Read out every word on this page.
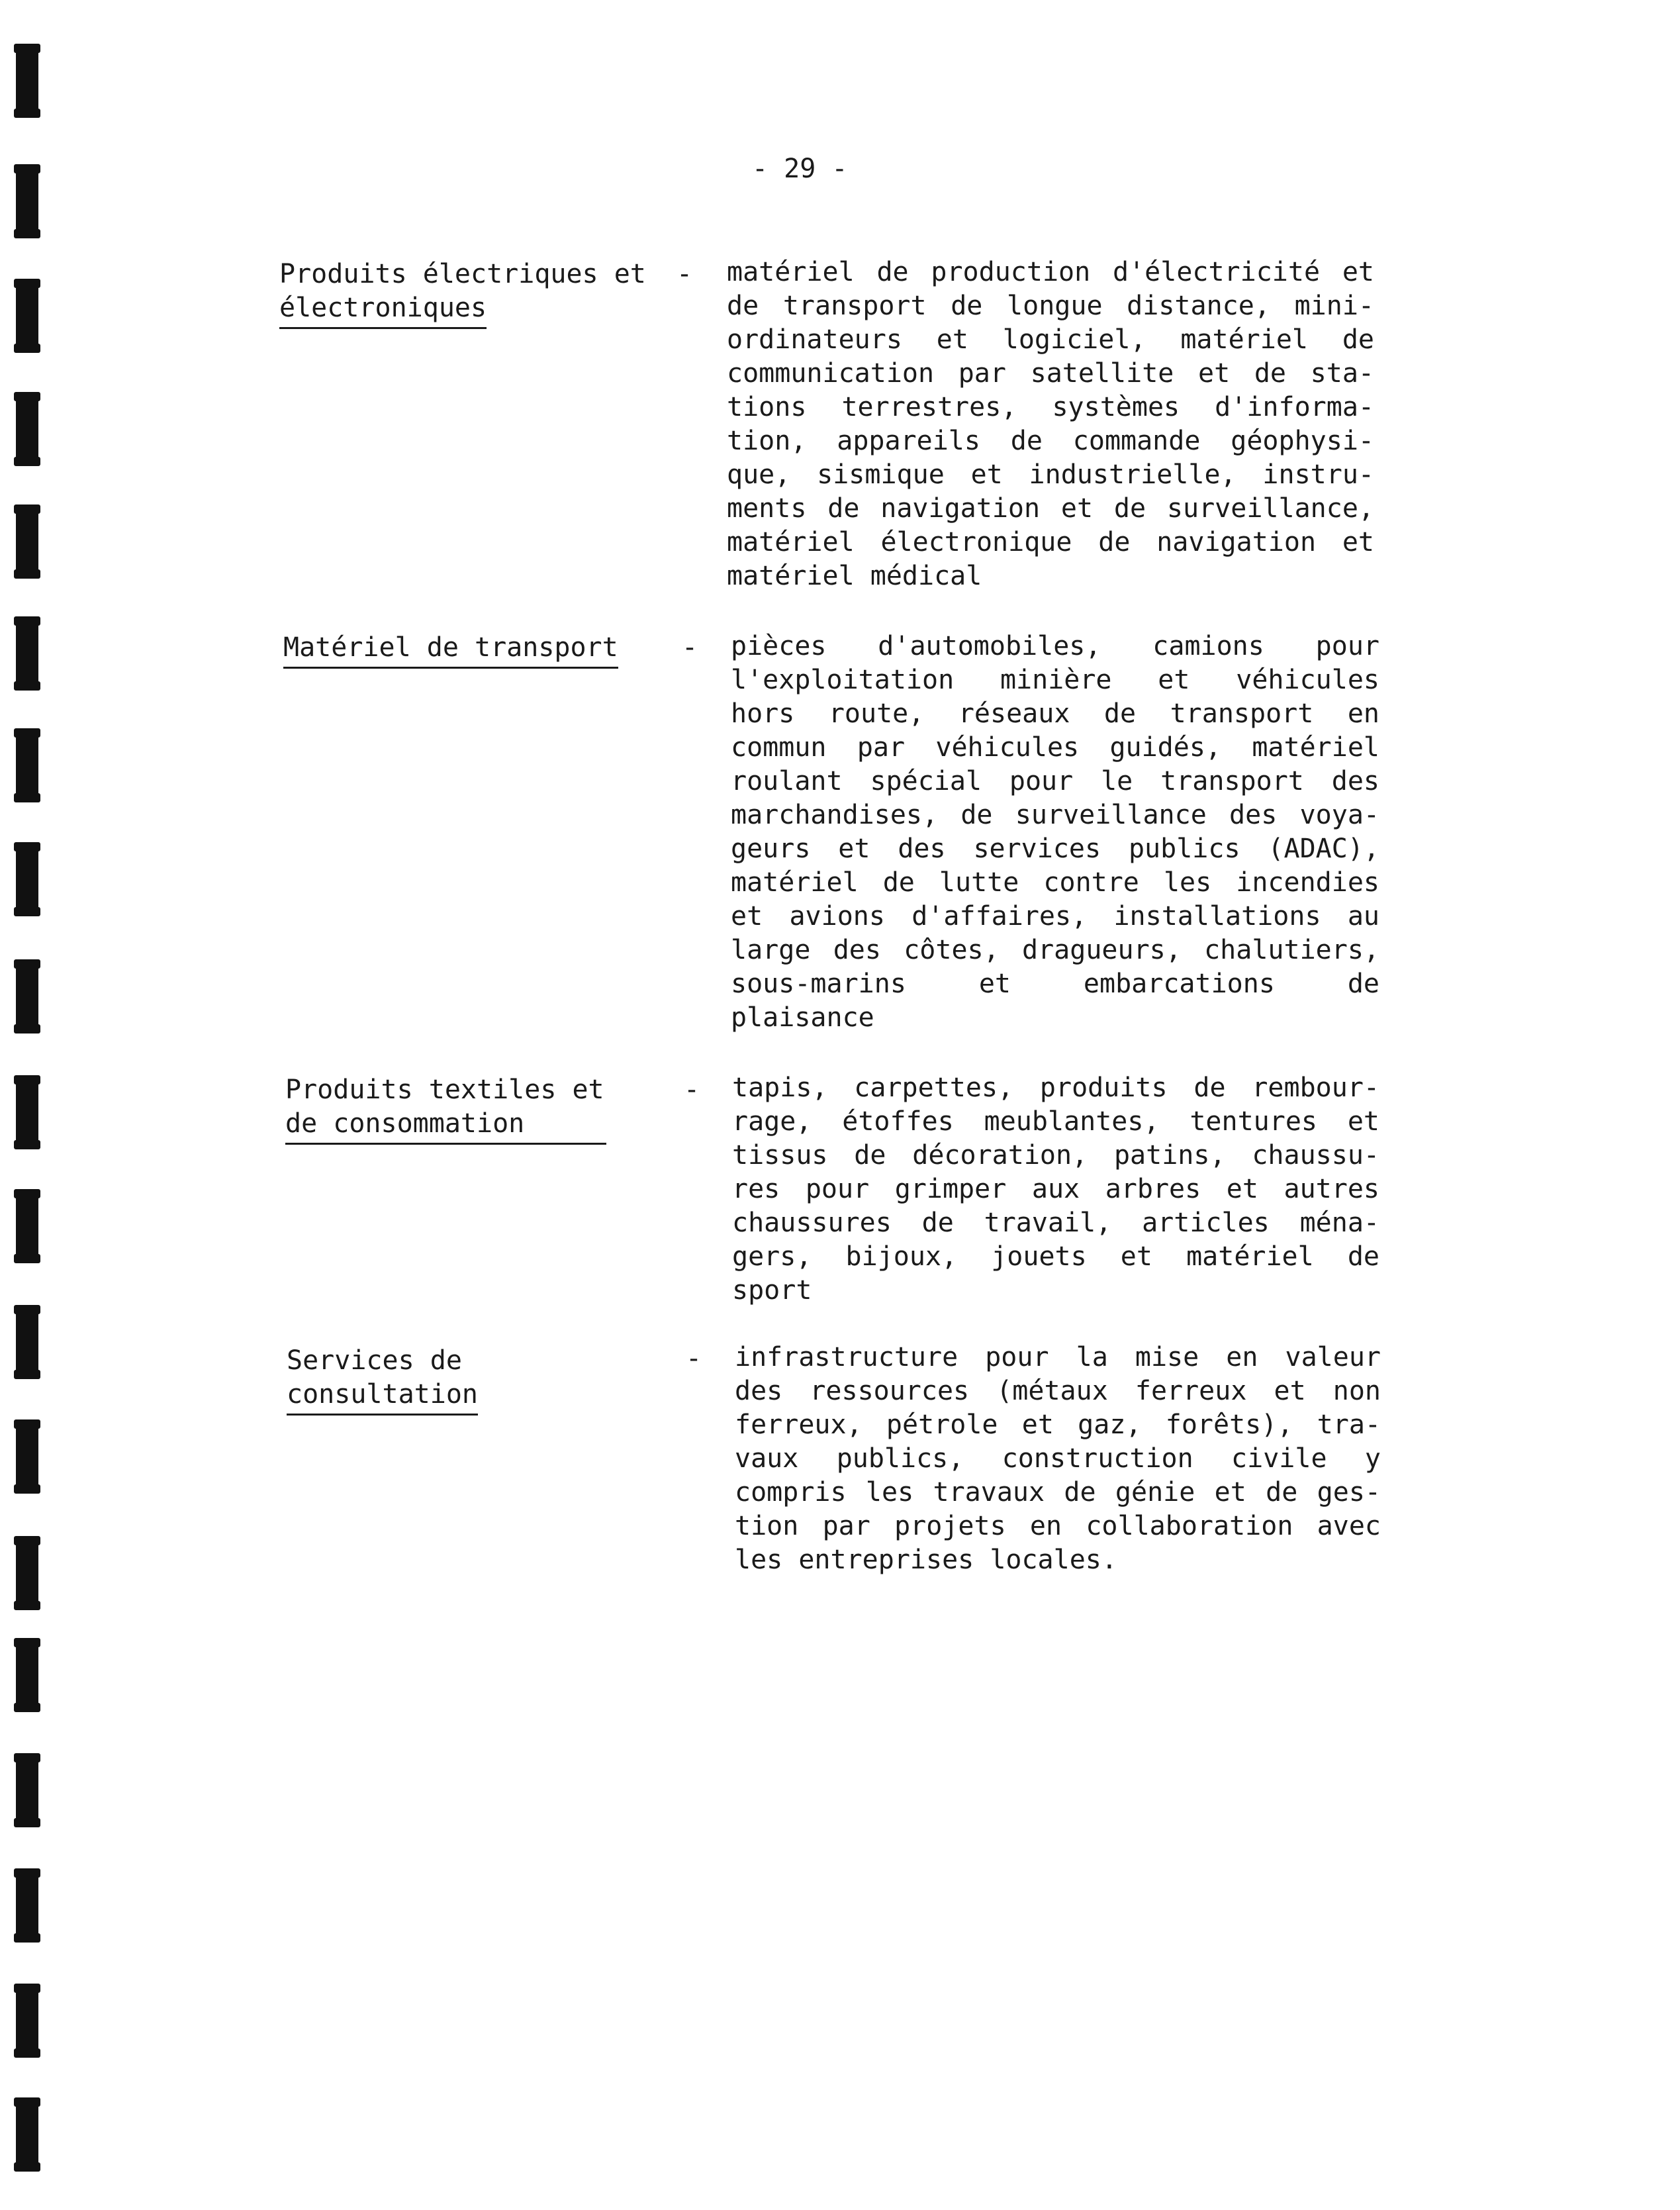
- 29 -
Produits électriques et
électroniques
- matériel de production d'électricité et
de transport de longue distance, mini-
ordinateurs et logiciel, matériel de
communication par satellite et de sta-
tions terrestres, systèmes d'informa-
tion, appareils de commande géophysi-
que, sismique et industrielle, instru-
ments de navigation et de surveillance,
matériel électronique de navigation et
matériel médical
Matériel de transport - pièces d'automobiles, camions pour
l'exploitation minière et véhicules
hors route, réseaux de transport en
commun par véhicules guidés, matériel
roulant spécial pour le transport des
marchandises, de surveillance des voya-
geurs et des services publics (ADAC),
matériel de lutte contre les incendies
et avions d'affaires, installations au
large des côtes, dragueurs, chalutiers,
sous-marins et embarcations de
plaisance
Produits textiles et
de consommation
- tapis, carpettes, produits de rembour-
rage, étoffes meublantes, tentures et
tissus de décoration, patins, chaussu-
res pour grimper aux arbres et autres
chaussures de travail, articles ména-
gers, bijoux, jouets et matériel de
sport
Services de
consultation
- infrastructure pour la mise en valeur
des ressources (métaux ferreux et non
ferreux, pétrole et gaz, forêts), tra-
vaux publics, construction civile y
compris les travaux de génie et de ges-
tion par projets en collaboration avec
les entreprises locales.
